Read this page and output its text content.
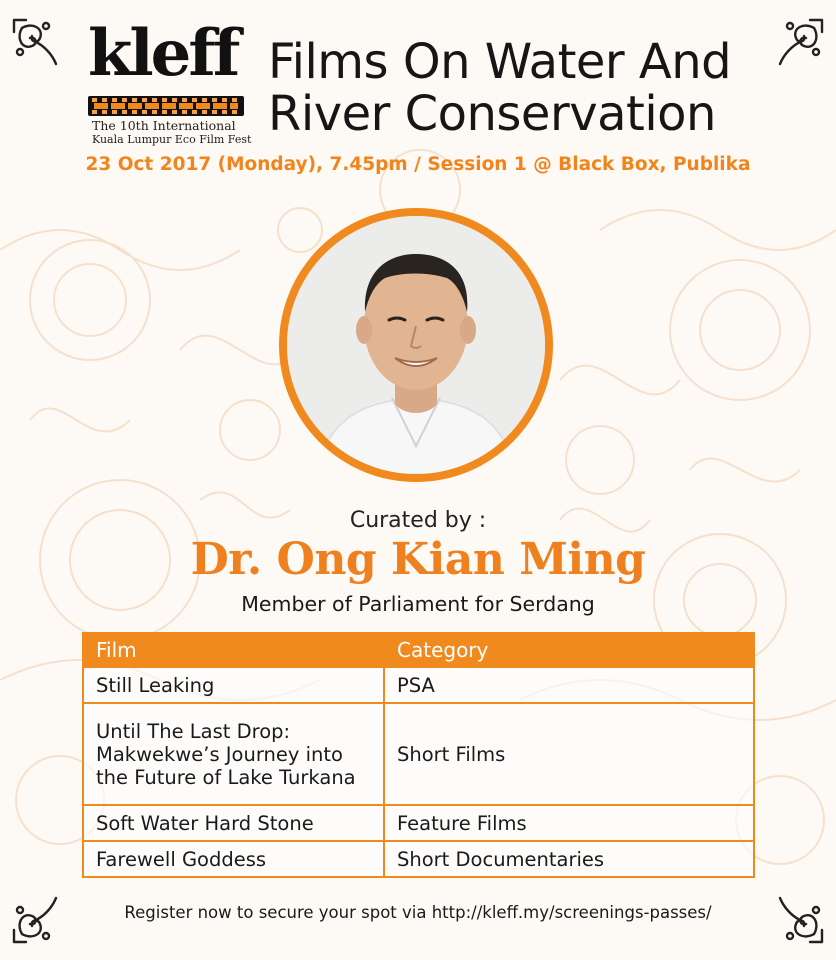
kleff
The 10th International
Kuala Lumpur Eco Film Fest
Films On Water And
River Conservation
23 Oct 2017 (Monday), 7.45pm / Session 1 @ Black Box, Publika
Curated by :
Dr. Ong Kian Ming
Member of Parliament for Serdang
Film	Category
Still Leaking	PSA
Until The Last Drop: Makwekwe’s Journey into the Future of Lake Turkana	Short Films
Soft Water Hard Stone	Feature Films
Farewell Goddess	Short Documentaries
Register now to secure your spot via http://kleff.my/screenings-passes/
